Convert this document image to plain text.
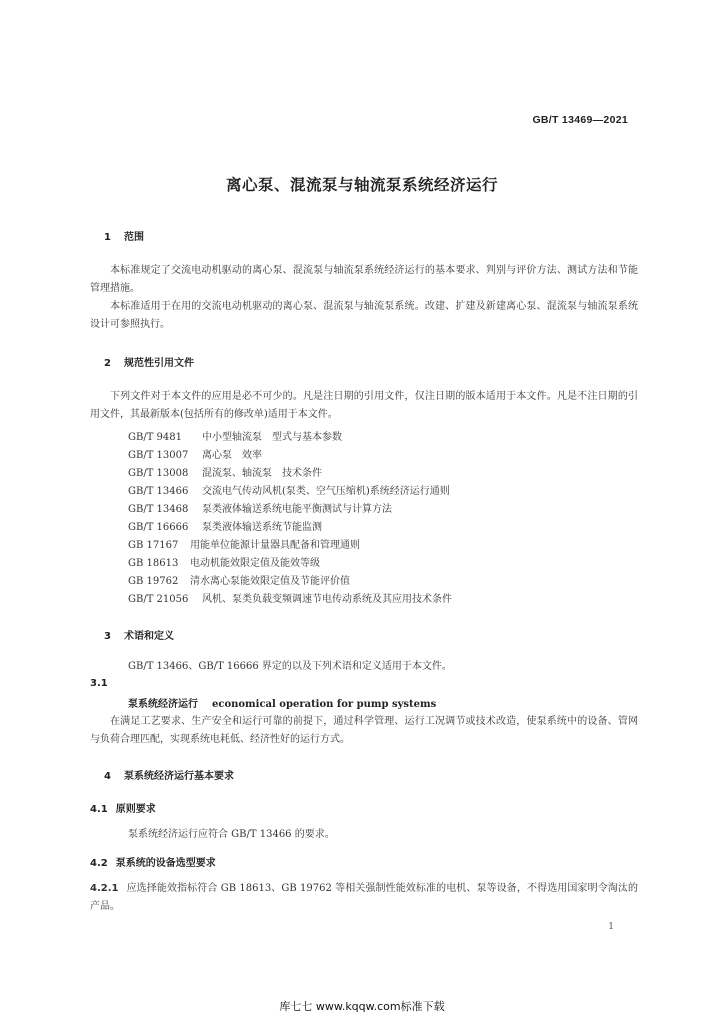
GB/T 13469—2021
离心泵、混流泵与轴流泵系统经济运行
1 范围
本标准规定了交流电动机驱动的离心泵、混流泵与轴流泵系统经济运行的基本要求、判别与评价方法、测试方法和节能管理措施。
本标准适用于在用的交流电动机驱动的离心泵、混流泵与轴流泵系统。改建、扩建及新建离心泵、混流泵与轴流泵系统设计可参照执行。
2 规范性引用文件
下列文件对于本文件的应用是必不可少的。凡是注日期的引用文件，仅注日期的版本适用于本文件。凡是不注日期的引用文件，其最新版本(包括所有的修改单)适用于本文件。
GB/T 9481 中小型轴流泵　型式与基本参数
GB/T 13007 离心泵　效率
GB/T 13008 混流泵、轴流泵　技术条件
GB/T 13466 交流电气传动风机(泵类、空气压缩机)系统经济运行通则
GB/T 13468 泵类液体输送系统电能平衡测试与计算方法
GB/T 16666 泵类液体输送系统节能监测
GB 17167 用能单位能源计量器具配备和管理通则
GB 18613 电动机能效限定值及能效等级
GB 19762 清水离心泵能效限定值及节能评价值
GB/T 21056 风机、泵类负载变频调速节电传动系统及其应用技术条件
3 术语和定义
GB/T 13466、GB/T 16666 界定的以及下列术语和定义适用于本文件。
3.1
泵系统经济运行 economical operation for pump systems
在满足工艺要求、生产安全和运行可靠的前提下，通过科学管理、运行工况调节或技术改造，使泵系统中的设备、管网与负荷合理匹配，实现系统电耗低、经济性好的运行方式。
4 泵系统经济运行基本要求
4.1 原则要求
泵系统经济运行应符合 GB/T 13466 的要求。
4.2 泵系统的设备选型要求
4.2.1 应选择能效指标符合 GB 18613、GB 19762 等相关强制性能效标准的电机、泵等设备，不得选用国家明令淘汰的产品。
1
库七七 www.kqqw.com标准下载
